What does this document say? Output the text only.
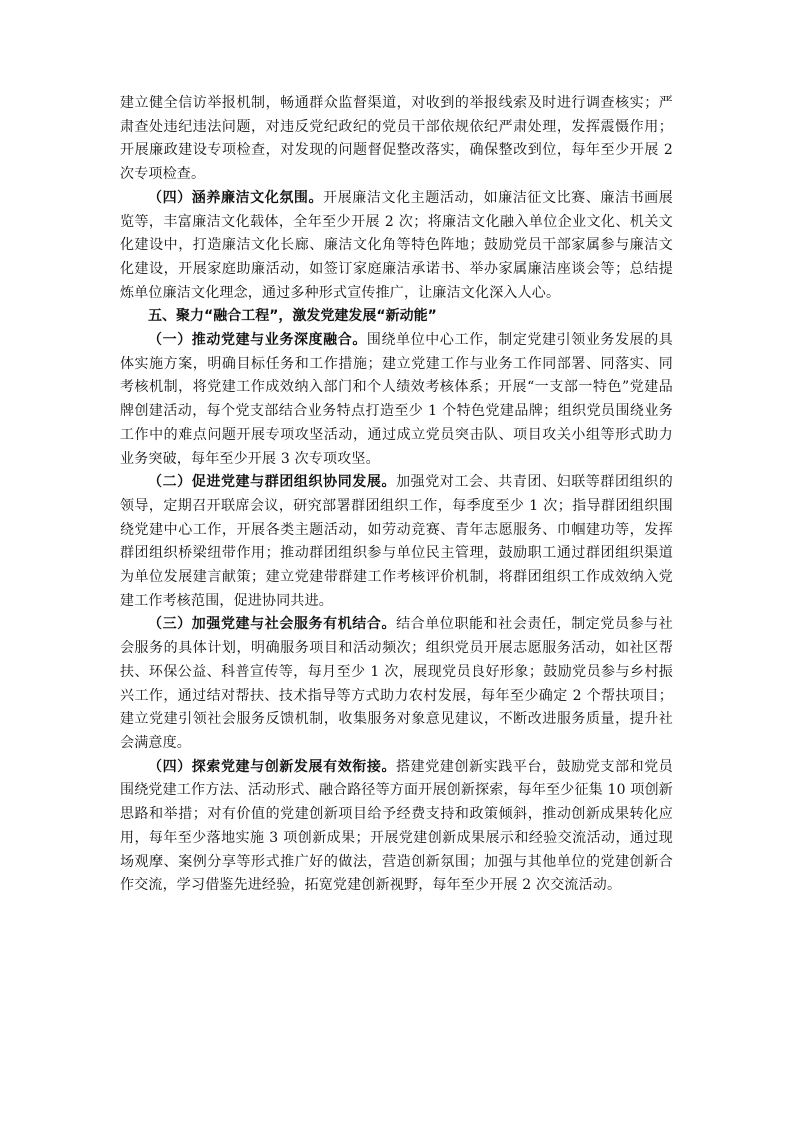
建立健全信访举报机制，畅通群众监督渠道，对收到的举报线索及时进行调查核实；严肃查处违纪违法问题，对违反党纪政纪的党员干部依规依纪严肃处理，发挥震慑作用；开展廉政建设专项检查，对发现的问题督促整改落实，确保整改到位，每年至少开展 2 次专项检查。

（四）涵养廉洁文化氛围。开展廉洁文化主题活动，如廉洁征文比赛、廉洁书画展览等，丰富廉洁文化载体，全年至少开展 2 次；将廉洁文化融入单位企业文化、机关文化建设中，打造廉洁文化长廊、廉洁文化角等特色阵地；鼓励党员干部家属参与廉洁文化建设，开展家庭助廉活动，如签订家庭廉洁承诺书、举办家属廉洁座谈会等；总结提炼单位廉洁文化理念，通过多种形式宣传推广，让廉洁文化深入人心。

五、聚力“融合工程”，激发党建发展“新动能”

（一）推动党建与业务深度融合。围绕单位中心工作，制定党建引领业务发展的具体实施方案，明确目标任务和工作措施；建立党建工作与业务工作同部署、同落实、同考核机制，将党建工作成效纳入部门和个人绩效考核体系；开展“一支部一特色”党建品牌创建活动，每个党支部结合业务特点打造至少 1 个特色党建品牌；组织党员围绕业务工作中的难点问题开展专项攻坚活动，通过成立党员突击队、项目攻关小组等形式助力业务突破，每年至少开展 3 次专项攻坚。

（二）促进党建与群团组织协同发展。加强党对工会、共青团、妇联等群团组织的领导，定期召开联席会议，研究部署群团组织工作，每季度至少 1 次；指导群团组织围绕党建中心工作，开展各类主题活动，如劳动竞赛、青年志愿服务、巾帼建功等，发挥群团组织桥梁纽带作用；推动群团组织参与单位民主管理，鼓励职工通过群团组织渠道为单位发展建言献策；建立党建带群建工作考核评价机制，将群团组织工作成效纳入党建工作考核范围，促进协同共进。

（三）加强党建与社会服务有机结合。结合单位职能和社会责任，制定党员参与社会服务的具体计划，明确服务项目和活动频次；组织党员开展志愿服务活动，如社区帮扶、环保公益、科普宣传等，每月至少 1 次，展现党员良好形象；鼓励党员参与乡村振兴工作，通过结对帮扶、技术指导等方式助力农村发展，每年至少确定 2 个帮扶项目；建立党建引领社会服务反馈机制，收集服务对象意见建议，不断改进服务质量，提升社会满意度。

（四）探索党建与创新发展有效衔接。搭建党建创新实践平台，鼓励党支部和党员围绕党建工作方法、活动形式、融合路径等方面开展创新探索，每年至少征集 10 项创新思路和举措；对有价值的党建创新项目给予经费支持和政策倾斜，推动创新成果转化应用，每年至少落地实施 3 项创新成果；开展党建创新成果展示和经验交流活动，通过现场观摩、案例分享等形式推广好的做法，营造创新氛围；加强与其他单位的党建创新合作交流，学习借鉴先进经验，拓宽党建创新视野，每年至少开展 2 次交流活动。
